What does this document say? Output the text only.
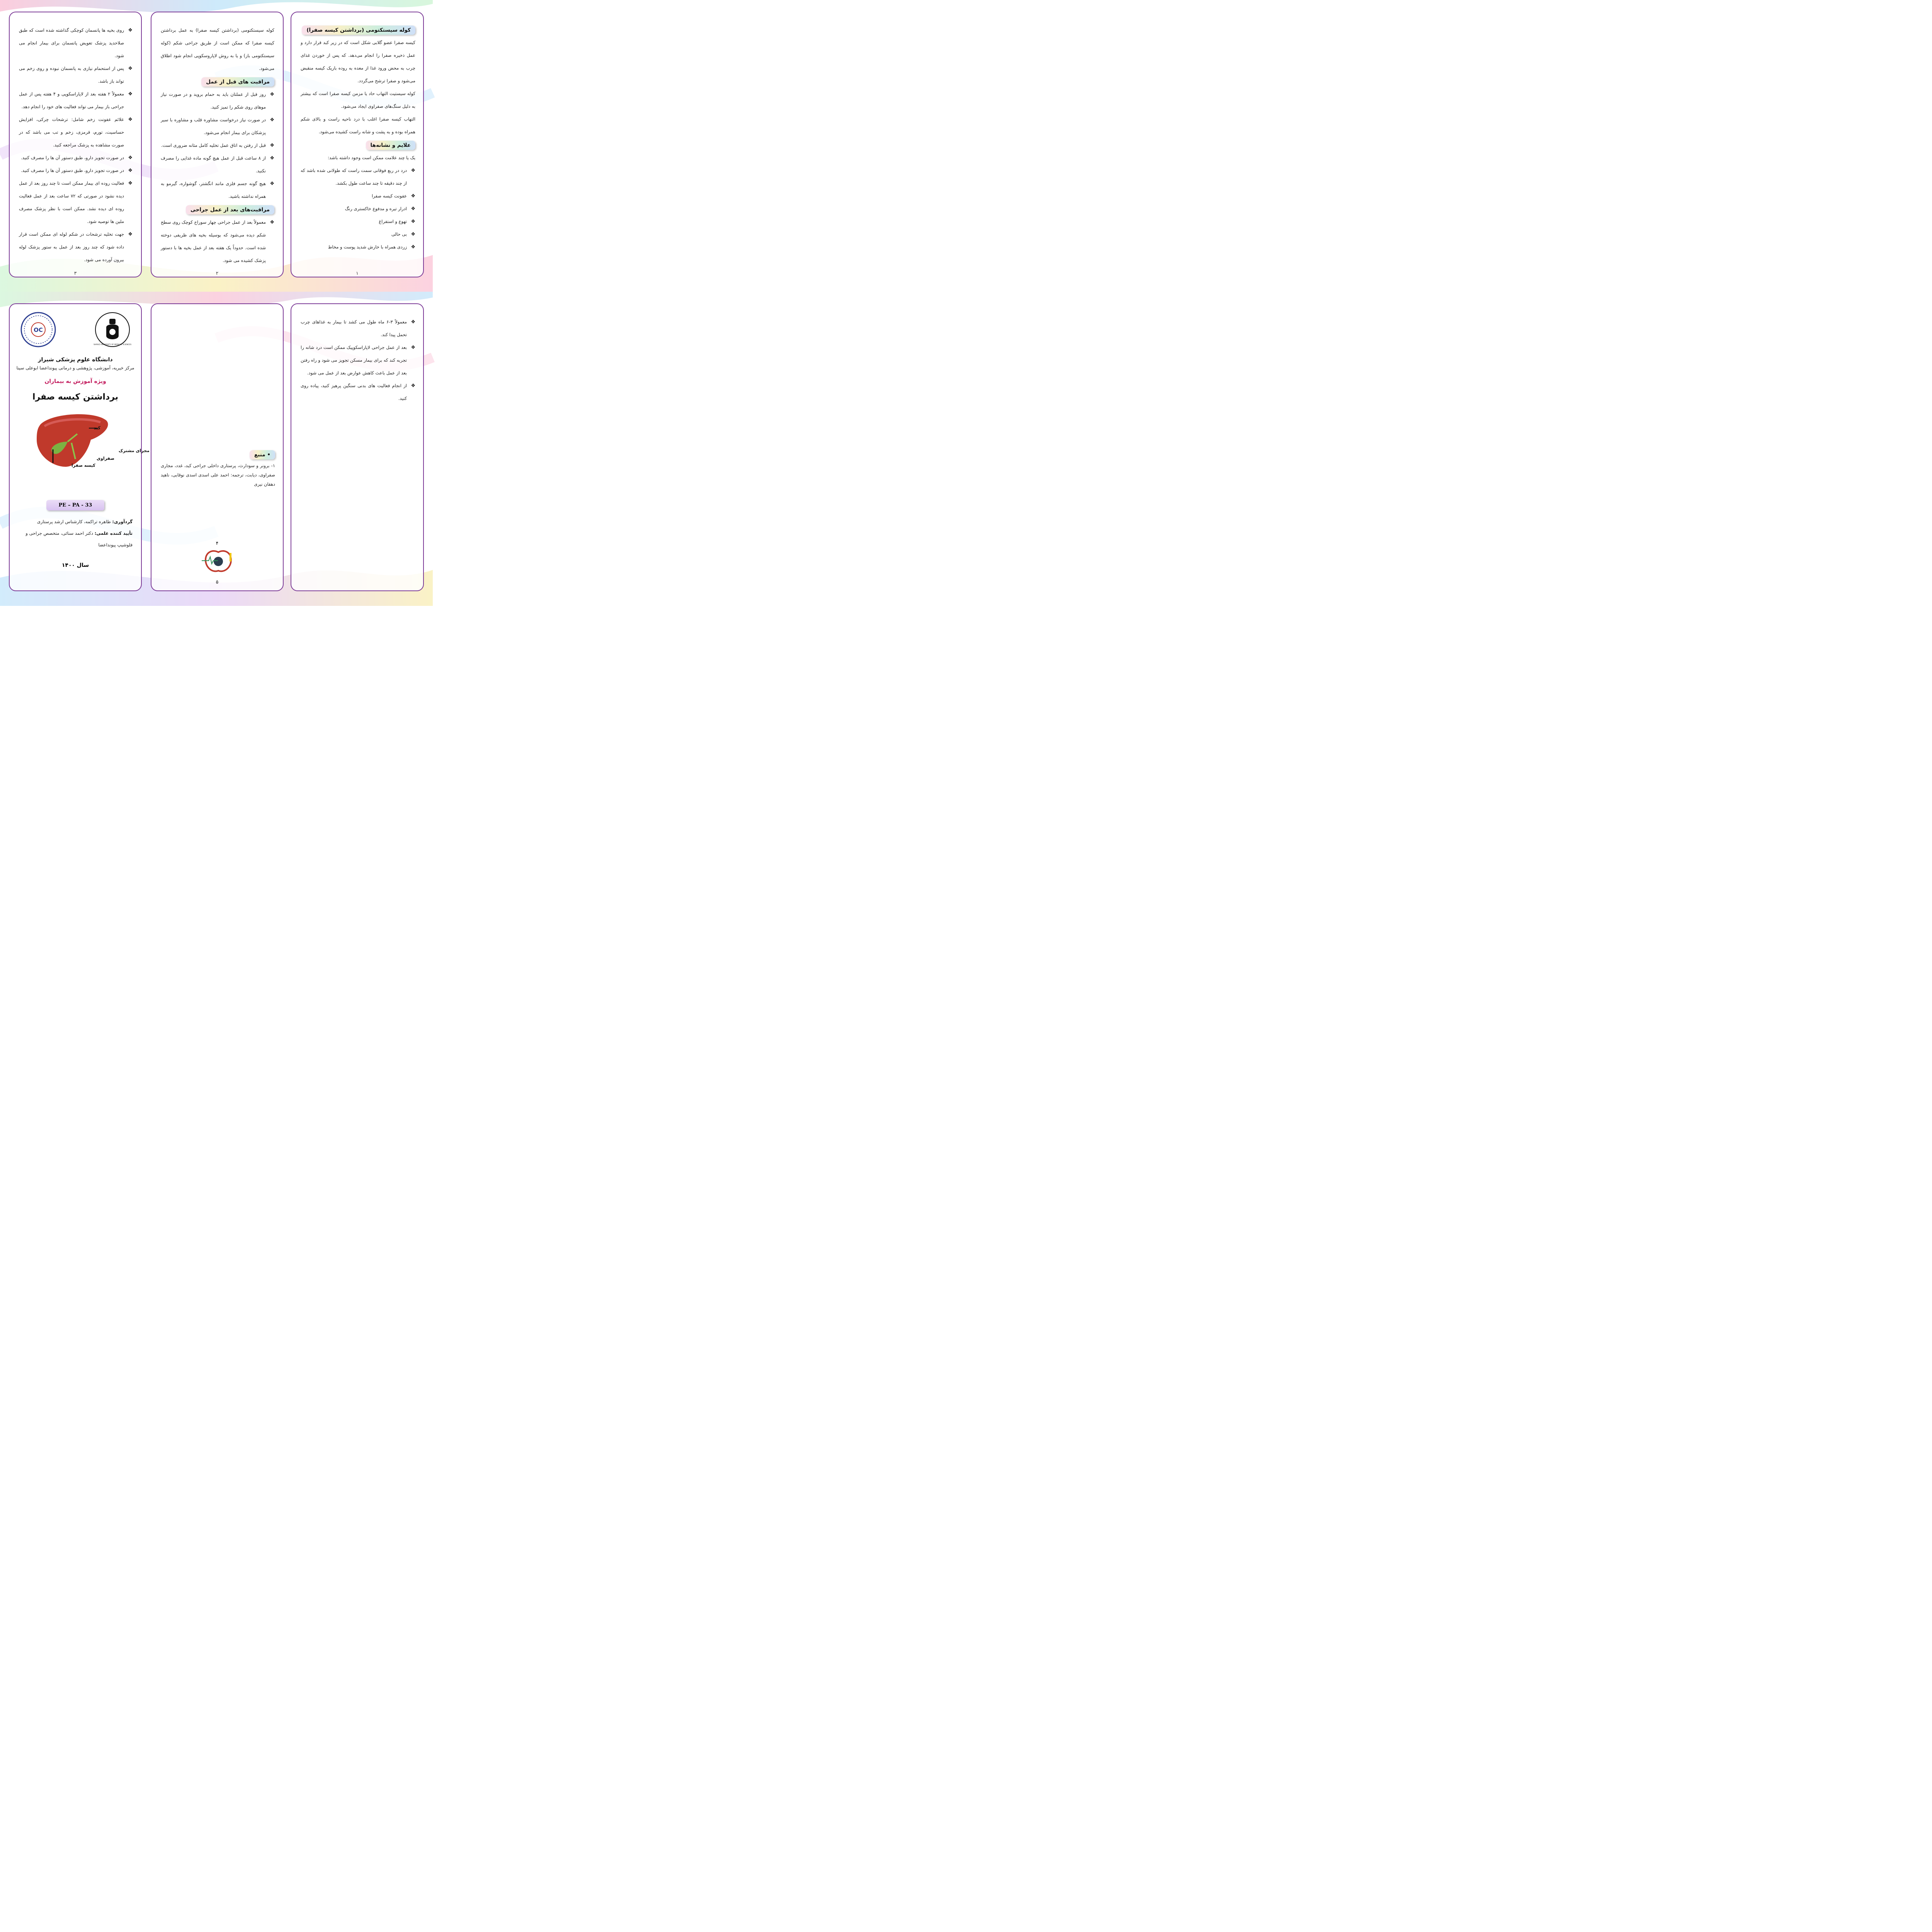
❖
روی بخیه ها پانسمان کوچکی گذاشته شده است که طبق صلاحدید پزشک تعویض پانسمان برای بیمار انجام می شود.
❖
پس از استحمام نیازی به پانسمان نبوده و روی زخم می تواند باز باشد.
❖
معمولاً ۲ هفته بعد از لاپاراسکوپی و ۴ هفته پس از عمل جراحی باز بیمار می تواند فعالیت های خود را انجام دهد.
❖
علائم عفونت زخم شامل: ترشحات چرکی، افزایش حساسیت، تورم، قرمزی، زخم و تب می باشد که در صورت مشاهده به پزشک مراجعه کنید.
❖
در صورت تجویز دارو، طبق دستور آن ها را مصرف کنید.
❖
در صورت تجویز دارو، طبق دستور آن ها را مصرف کنید.
❖
فعالیت روده ای بیمار ممکن است تا چند روز بعد از عمل دیده نشود در صورتی که ۷۲ ساعت بعد از عمل فعالیت روده ای دیده نشد. ممکن است با نظر پزشک مصرف ملین ها توصیه شود.
❖
جهت تخلیه ترشحات در شکم لوله ای ممکن است قرار داده شود که چند روز بعد از عمل به ستور پزشک لوله بیرون آورده می شود.
۳
کوله سیستکتومی (برداشتن کیسه صفرا) به عمل برداشتن کیسه صفرا که ممکن است از طریق جراحی شکم (کوله سیستکتومی باز) و یا به روش لاپاروسکوپی انجام شود اطلاق می‌شود.
مراقبت های قبل از عمل
❖
روز قبل از عملتان باید به حمام بروید و در صورت نیاز موهای روی شکم را تمیز کنید.
❖
در صورت نیاز درخواست مشاوره قلب و مشاوره با سیر پزشکان برای بیمار انجام می‌شود.
❖
قبل از رفتن به اتاق عمل تخلیه کامل مثانه ضروری است.
❖
از ۸ ساعت قبل از عمل هیچ گونه ماده غذایی را مصرف نکنید.
❖
هیچ گونه جسم فلزی مانند انگشتر، گوشواره، گیرمو به همراه نداشته باشید.
مراقبت‌های بعد از عمل جراحی
❖
معمولاً بعد از عمل جراحی چهار سوراخ کوچک روی سطح شکم دیده می‌شود که بوسیله بخیه های ظریفی دوخته شده است. حدوداً یک هفته بعد از عمل بخیه ها با دستور پزشک کشیده می شود.
۲
کوله سیستکتومی (برداشتن کیسه صفرا)
کیسه صفرا عضو گلابی شکل است که در زیر کبد قرار دارد و عمل ذخیره صفرا را انجام می‌دهد. که پس از خوردن غذای چرب به محض ورود غذا از معده به روده باریک کیسه منقبض می‌شود و صفرا ترشح می‌گردد.
کوله سیستیت التهاب حاد یا مزمن کیسه صفرا است که بیشتر به دلیل سنگ‌های صفراوی ایجاد می‌شود.
التهاب کیسه صفرا اغلب با درد ناحیه راست و بالای شکم همراه بوده و به پشت و شانه راست کشیده می‌شود.
علایم و نشانه‌ها
یک یا چند علامت ممکن است وجود داشته باشد:
❖
درد در ربع فوقانی سمت راست که طولانی شده باشد که از چند دقیقه تا چند ساعت طول بکشد.
❖
عفونت کیسه صفرا
❖
ادرار تیره و مدفوع خاکستری رنگ
❖
تهوع و استفراغ
❖
بی حالی
❖
زردی همراه با خارش شدید پوست و مخاط
۱
OC
SHIRAZ UNIVERSITY OF MEDICAL SCIENCES
دانشگاه علوم پزشکی شیراز
مرکز خیریه، آموزشی، پژوهشی و درمانی پیونداعضا ابوعلی سینا
ویژه آموزش به بیماران
برداشتن کیسه صفرا
کبد
مجرای مشترک
صفراوی
کیسه صفرا
PE – PA - 33
گردآوری: طاهره تراکمه، کارشناس ارشد پرستاری
تأیید کننده علمی: دکتر احمد سنائی، متخصص جراحی و فلوشیپ پیونداعضا
سال ۱۴۰۰
• منبع
۱- برونر و سودارث، پرستاری داخلی جراحی کبد، غدد، مجاری صفراوی، دیابت، ترجمه: احمد علی اسدی اسدی نوقابی، ناهید دهقان نیری
۴
۵
❖
معمولاً ۳-۶ ماه طول می کشد تا بیمار به غذاهای چرب تحمل پیدا کند.
❖
بعد از عمل جراحی لاپاراسکوپیک ممکن است درد شانه را تجربه کند که برای بیمار مسکن تجویز می شود و راه رفتن بعد از عمل باعث کاهش عوارض بعد از عمل می شود.
❖
از انجام فعالیت های بدنی سنگین پرهیز کنید، پیاده روی کنید.
